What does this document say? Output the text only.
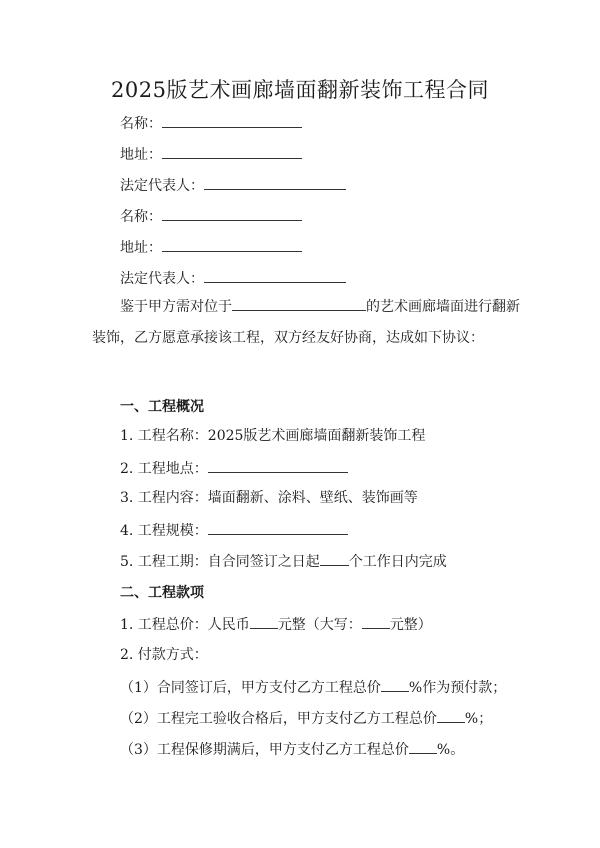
2025版艺术画廊墙面翻新装饰工程合同
名称：
地址：
法定代表人：
名称：
地址：
法定代表人：
鉴于甲方需对位于	的艺术画廊墙面进行翻新装饰，乙方愿意承接该工程，双方经友好协商，达成如下协议：
一、工程概况
1. 工程名称：2025版艺术画廊墙面翻新装饰工程
2. 工程地点：
3. 工程内容：墙面翻新、涂料、壁纸、装饰画等
4. 工程规模：
5. 工程工期：自合同签订之日起 个工作日内完成
二、工程款项
1. 工程总价：人民币 元整（大写： 元整）
2. 付款方式：
（1）合同签订后，甲方支付乙方工程总价 %作为预付款；
（2）工程完工验收合格后，甲方支付乙方工程总价 %；
（3）工程保修期满后，甲方支付乙方工程总价 %。
